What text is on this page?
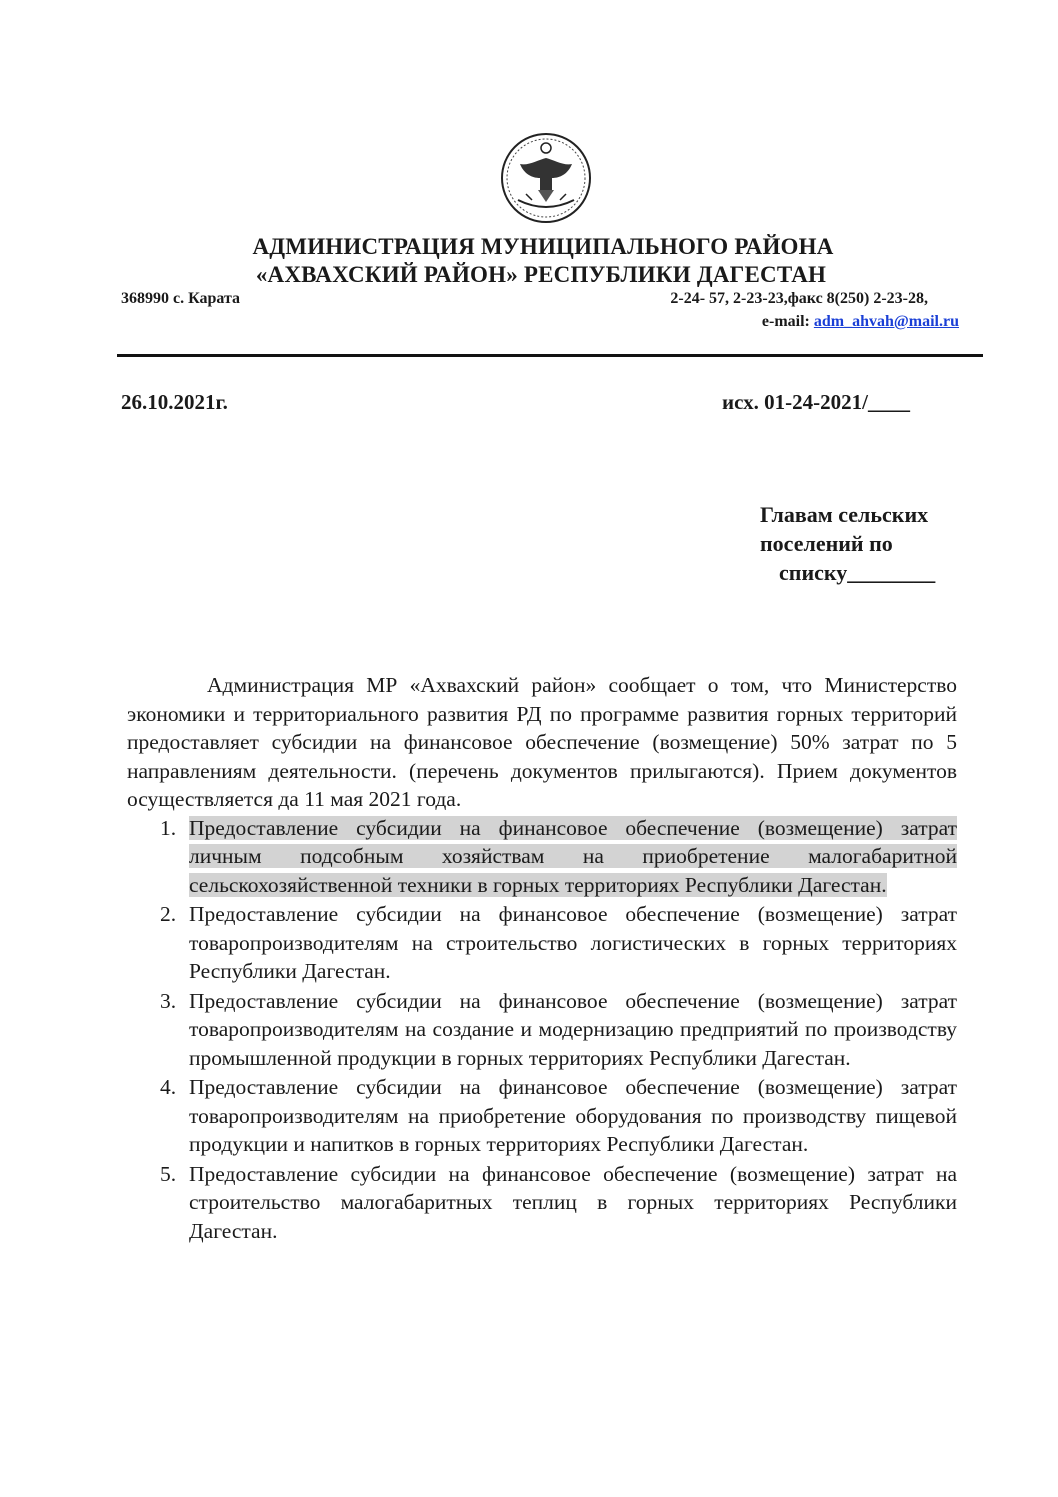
АДМИНИСТРАЦИЯ МУНИЦИПАЛЬНОГО РАЙОНА
«АХВАХСКИЙ РАЙОН» РЕСПУБЛИКИ ДАГЕСТАН
368990 с. Карата	2-24- 57, 2-23-23,факс 8(250) 2-23-28,
e-mail: adm_ahvah@mail.ru
26.10.2021г.	исх. 01-24-2021/____
Главам сельских
поселений по
списку________

Администрация МР «Ахвахский район» сообщает о том, что Министерство экономики и территориального развития РД по программе развития горных территорий предоставляет субсидии на финансовое обеспечение (возмещение) 50% затрат по 5 направлениям деятельности. (перечень документов прилыгаются). Прием документов осуществляется да 11 мая 2021 года.

1. Предоставление субсидии на финансовое обеспечение (возмещение) затрат личным подсобным хозяйствам на приобретение малогабаритной сельскохозяйственной техники в горных территориях Республики Дагестан.
2. Предоставление субсидии на финансовое обеспечение (возмещение) затрат товаропроизводителям на строительство логистических в горных территориях Республики Дагестан.
3. Предоставление субсидии на финансовое обеспечение (возмещение) затрат товаропроизводителям на создание и модернизацию предприятий по производству промышленной продукции в горных территориях Республики Дагестан.
4. Предоставление субсидии на финансовое обеспечение (возмещение) затрат товаропроизводителям на приобретение оборудования по производству пищевой продукции и напитков в горных территориях Республики Дагестан.
5. Предоставление субсидии на финансовое обеспечение (возмещение) затрат на строительство малогабаритных теплиц в горных территориях Республики Дагестан.
